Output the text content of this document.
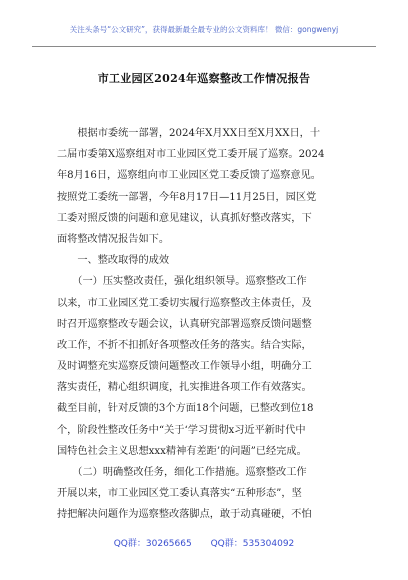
关注头条号“公文研究”，获得最新最全最专业的公文资料库！ 微信：gongwenyj
市工业园区2024年巡察整改工作情况报告
　　根据市委统一部署，2024年X月XX日至X月XX日，十
二届市委第X巡察组对市工业园区党工委开展了巡察。2024
年8月16日，巡察组向市工业园区党工委反馈了巡察意见。
按照党工委统一部署，今年8月17日—11月25日，园区党
工委对照反馈的问题和意见建议，认真抓好整改落实，下
面将整改情况报告如下。
　　一、整改取得的成效
　　（一）压实整改责任，强化组织领导。巡察整改工作
以来，市工业园区党工委切实履行巡察整改主体责任，及
时召开巡察整改专题会议，认真研究部署巡察反馈问题整
改工作，不折不扣抓好各项整改任务的落实。结合实际，
及时调整充实巡察反馈问题整改工作领导小组，明确分工
落实责任，精心组织调度，扎实推进各项工作有效落实。
截至目前，针对反馈的3个方面18个问题，已整改到位18
个，阶段性整改任务中“关于‘学习贯彻x习近平新时代中
国特色社会主义思想xxx精神有差距’的问题”已经完成。
　　（二）明确整改任务，细化工作措施。巡察整改工作
开展以来，市工业园区党工委认真落实“五种形态”，坚
持把解决问题作为巡察整改落脚点，敢于动真碰硬，不怕
QQ群：30265665 QQ群：535304092
